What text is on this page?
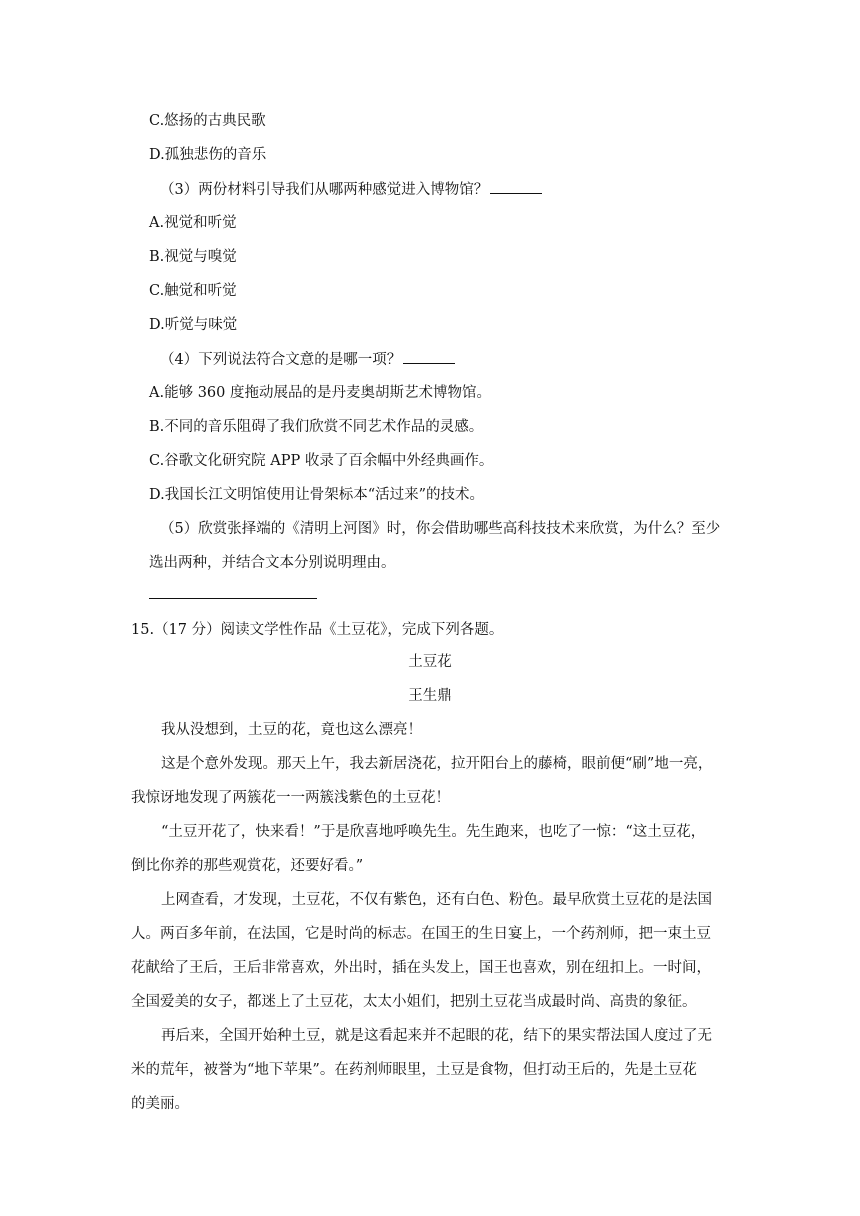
C.悠扬的古典民歌
D.孤独悲伤的音乐
（3）两份材料引导我们从哪两种感觉进入博物馆？
A.视觉和听觉
B.视觉与嗅觉
C.触觉和听觉
D.听觉与味觉
（4）下列说法符合文意的是哪一项？
A.能够 360 度拖动展品的是丹麦奥胡斯艺术博物馆。
B.不同的音乐阻碍了我们欣赏不同艺术作品的灵感。
C.谷歌文化研究院 APP 收录了百余幅中外经典画作。
D.我国长江文明馆使用让骨架标本“活过来”的技术。
（5）欣赏张择端的《清明上河图》时，你会借助哪些高科技技术来欣赏，为什么？至少
选出两种，并结合文本分别说明理由。
15.（17 分）阅读文学性作品《土豆花》，完成下列各题。
土豆花
王生鼎
我从没想到，土豆的花，竟也这么漂亮！
这是个意外发现。那天上午，我去新居浇花，拉开阳台上的藤椅，眼前便“刷”地一亮，
我惊讶地发现了两簇花一一两簇浅紫色的土豆花！
“土豆开花了，快来看！”于是欣喜地呼唤先生。先生跑来，也吃了一惊：“这土豆花，
倒比你养的那些观赏花，还要好看。”
上网查看，才发现，土豆花，不仅有紫色，还有白色、粉色。最早欣赏土豆花的是法国
人。两百多年前，在法国，它是时尚的标志。在国王的生日宴上，一个药剂师，把一束土豆
花献给了王后，王后非常喜欢，外出时，插在头发上，国王也喜欢，别在纽扣上。一时间，
全国爱美的女子，都迷上了土豆花，太太小姐们，把别土豆花当成最时尚、高贵的象征。
再后来，全国开始种土豆，就是这看起来并不起眼的花，结下的果实帮法国人度过了无
米的荒年，被誉为“地下苹果”。在药剂师眼里，土豆是食物，但打动王后的，先是土豆花
的美丽。
